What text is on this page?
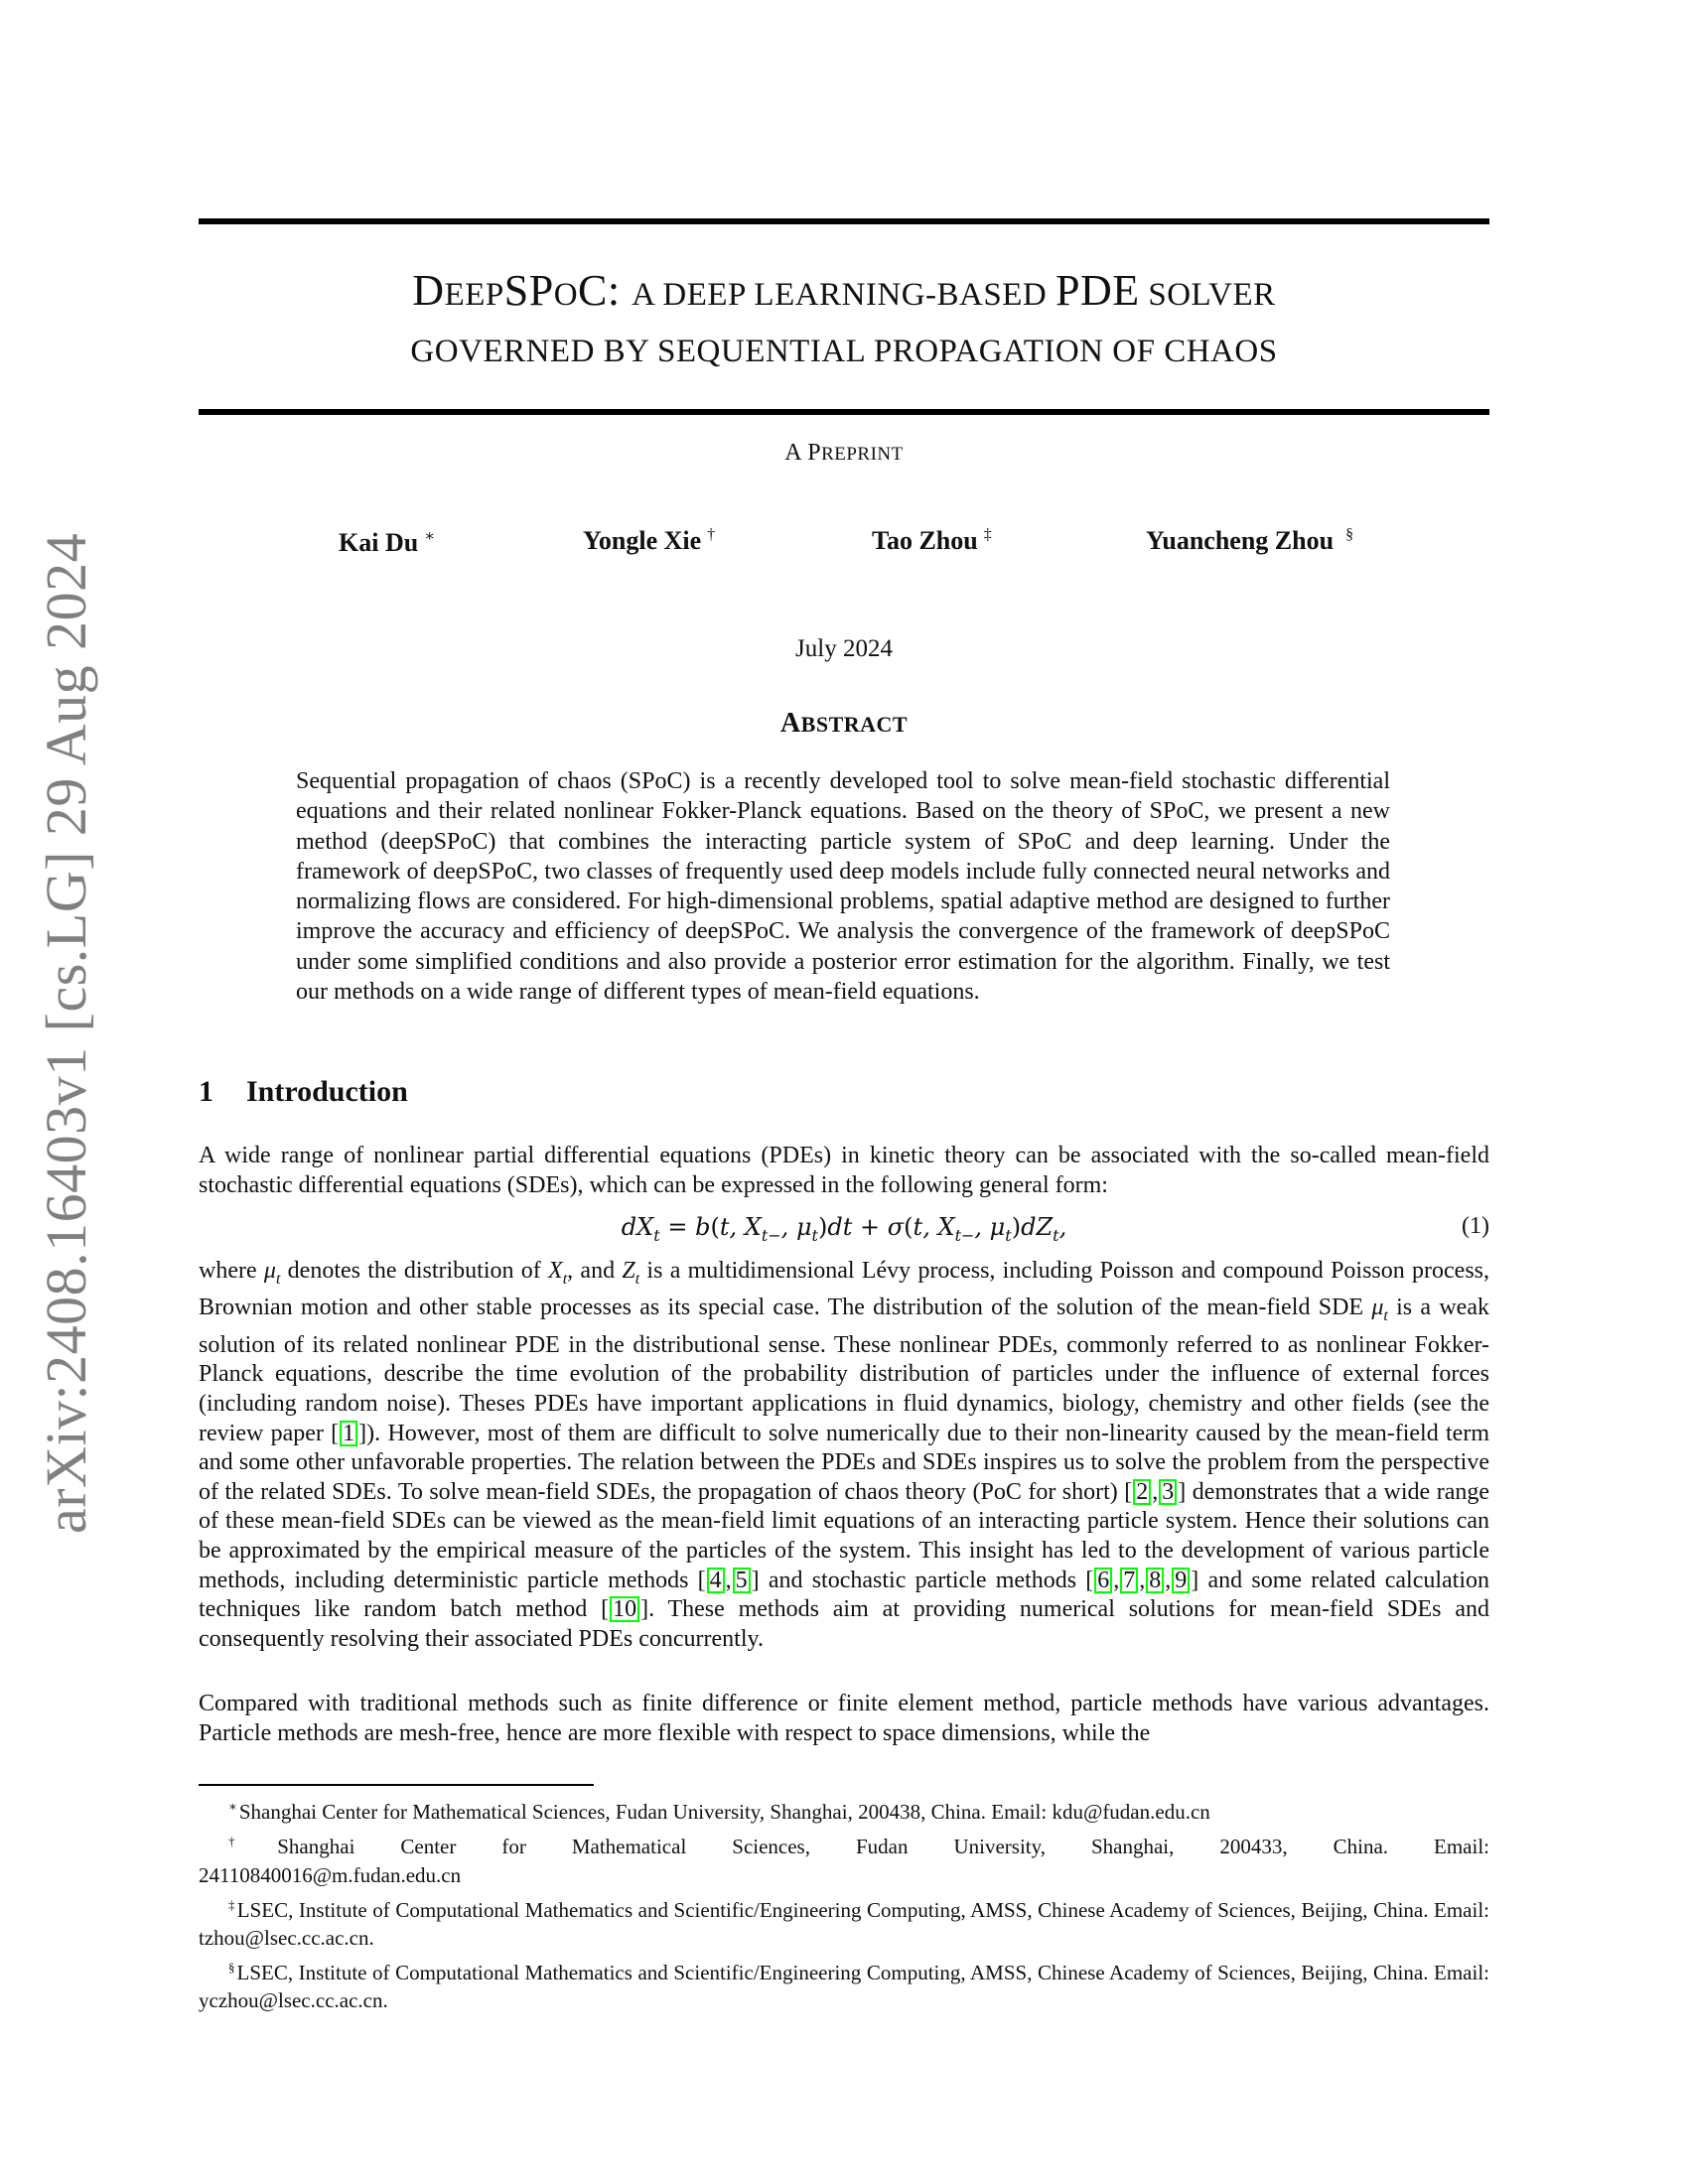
arXiv:2408.16403v1 [cs.LG] 29 Aug 2024
DEEPSPOC: A DEEP LEARNING-BASED PDE SOLVER
GOVERNED BY SEQUENTIAL PROPAGATION OF CHAOS
A PREPRINT
Kai Du ∗	Yongle Xie †	Tao Zhou ‡	Yuancheng Zhou §
July 2024
ABSTRACT
Sequential propagation of chaos (SPoC) is a recently developed tool to solve mean-field stochastic differential equations and their related nonlinear Fokker-Planck equations. Based on the theory of SPoC, we present a new method (deepSPoC) that combines the interacting particle system of SPoC and deep learning. Under the framework of deepSPoC, two classes of frequently used deep models include fully connected neural networks and normalizing flows are considered. For high-dimensional problems, spatial adaptive method are designed to further improve the accuracy and efficiency of deepSPoC. We analysis the convergence of the framework of deepSPoC under some simplified conditions and also provide a posterior error estimation for the algorithm. Finally, we test our methods on a wide range of different types of mean-field equations.
1 Introduction
A wide range of nonlinear partial differential equations (PDEs) in kinetic theory can be associated with the so-called mean-field stochastic differential equations (SDEs), which can be expressed in the following general form:
$dX_t = b(t$, $X_{t-}$, $\mu_t)dt + \sigma(t$, $X_{t-}$, $\mu_t)dZ_t$,	(1)
where $\mu_t$ denotes the distribution of $X_t$, and $Z_t$ is a multidimensional Lévy process, including Poisson and compound Poisson process, Brownian motion and other stable processes as its special case. The distribution of the solution of the mean-field SDE $\mu_t$ is a weak solution of its related nonlinear PDE in the distributional sense. These nonlinear PDEs, commonly referred to as nonlinear Fokker-Planck equations, describe the time evolution of the probability distribution of particles under the influence of external forces (including random noise). Theses PDEs have important applications in fluid dynamics, biology, chemistry and other fields (see the review paper [ 1 ]). However, most of them are difficult to solve numerically due to their non-linearity caused by the mean-field term and some other unfavorable properties. The relation between the PDEs and SDEs inspires us to solve the problem from the perspective of the related SDEs. To solve mean-field SDEs, the propagation of chaos theory (PoC for short) [ 2 , 3 ] demonstrates that a wide range of these mean-field SDEs can be viewed as the mean-field limit equations of an interacting particle system. Hence their solutions can be approximated by the empirical measure of the particles of the system. This insight has led to the development of various particle methods, including deterministic particle methods [ 4 , 5 ] and stochastic particle methods [ 6 , 7 , 8 , 9 ] and some related calculation techniques like random batch method [ 10 ]. These methods aim at providing numerical solutions for mean-field SDEs and consequently resolving their associated PDEs concurrently.
Compared with traditional methods such as finite difference or finite element method, particle methods have various advantages. Particle methods are mesh-free, hence are more flexible with respect to space dimensions, while the
∗Shanghai Center for Mathematical Sciences, Fudan University, Shanghai, 200438, China. Email: kdu@fudan.edu.cn
†Shanghai Center for Mathematical Sciences, Fudan University, Shanghai, 200433, China. Email:
24110840016@m.fudan.edu.cn
‡LSEC, Institute of Computational Mathematics and Scientific/Engineering Computing, AMSS, Chinese Academy of Sciences, Beijing, China. Email: tzhou@lsec.cc.ac.cn.
§LSEC, Institute of Computational Mathematics and Scientific/Engineering Computing, AMSS, Chinese Academy of Sciences, Beijing, China. Email: yczhou@lsec.cc.ac.cn.
